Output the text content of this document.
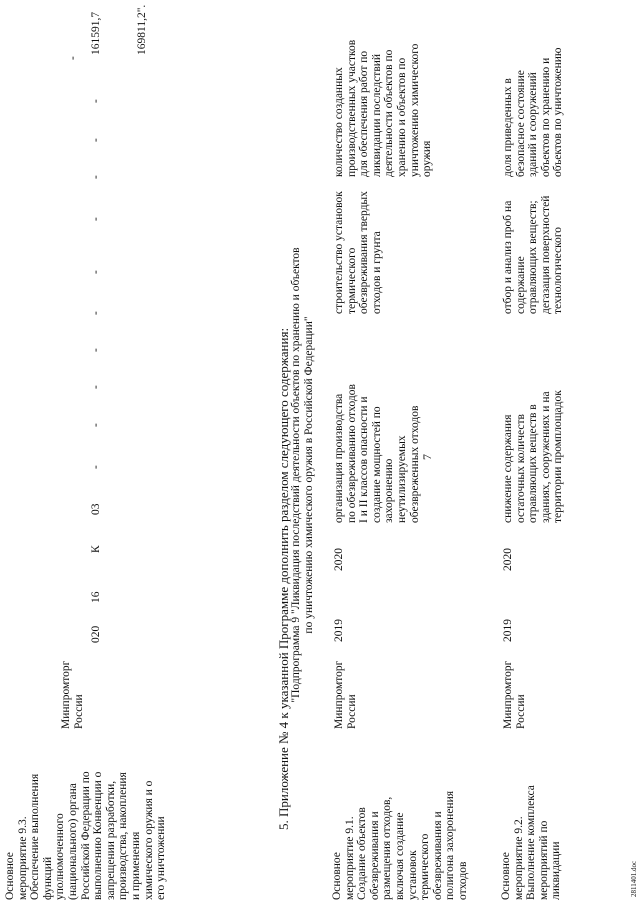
7
Основное мероприятие 9.3. Обеспечение выполнения функций уполномоченного (национального) органа Российской Федерации по выполнению Конвенции о запрещении разработки, производства, накопления и применения химического оружия и о его уничтожении
Минпромторг России
020
16
К
03
-
-
-
-
-
-
-
-
-
-
-
161591,7	169811,2".
5. Приложение № 4 к указанной Программе дополнить разделом следующего содержания: "Подпрограмма 9 "Ликвидация последствий деятельности объектов по хранению и объектов по уничтожению химического оружия в Российской Федерации"
Основное мероприятие 9.1. Создание объектов обезвреживания и размещения отходов, включая создание установок термического обезвреживания и полигона захоронения отходов
Минпромторг России
2019
2020
организация производства по обезвреживанию отходов I и II классов опасности и создание мощностей по захоронению неутилизируемых обезвреженных отходов
строительство установок термического обезвреживания твердых отходов и грунта
количество созданных производственных участков для обеспечения работ по ликвидации последствий деятельности объектов по хранению и объектов по уничтожению химического оружия
Основное мероприятие 9.2. Выполнение комплекса мероприятий по ликвидации
Минпромторг России
2019
2020
снижение содержания остаточных количеств отравляющих веществ в зданиях, сооружениях и на территории промплощадок
отбор и анализ проб на содержание отравляющих веществ; дегазация поверхностей технологического
доля приведенных в безопасное состояние зданий и сооружений объектов по хранению и объектов по уничтожению
2811401.doc
